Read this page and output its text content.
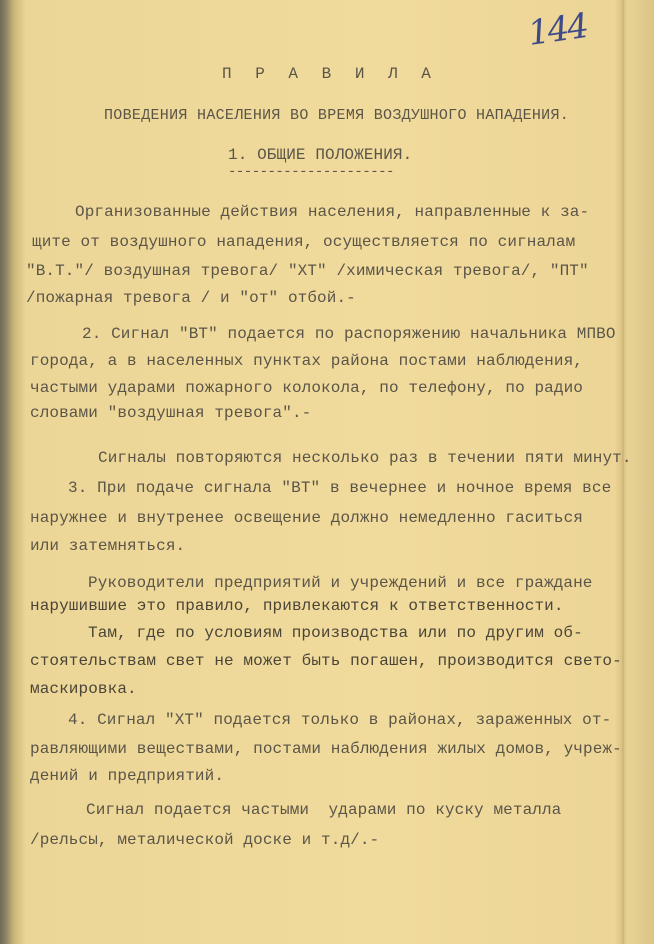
144
П Р А В И Л А
ПОВЕДЕНИЯ НАСЕЛЕНИЯ ВО ВРЕМЯ ВОЗДУШНОГО НАПАДЕНИЯ.
1. ОБЩИЕ ПОЛОЖЕНИЯ.
---------------------
Организованные действия населения, направленные к за-
щите от воздушного нападения, осуществляется по сигналам
"В.Т."/ воздушная тревога/ "ХТ" /химическая тревога/, "ПТ"
/пожарная тревога / и "от" отбой.-
2. Сигнал "ВТ" подается по распоряжению начальника МПВО
города, а в населенных пунктах района постами наблюдения,
частыми ударами пожарного колокола, по телефону, по радио
словами "воздушная тревога".-
Сигналы повторяются несколько раз в течении пяти минут.
3. При подаче сигнала "ВТ" в вечернее и ночное время все
наружнее и внутренее освещение должно немедленно гаситься
или затемняться.
Руководители предприятий и учреждений и все граждане
нарушившие это правило, привлекаются к ответственности.
Там, где по условиям производства или по другим об-
стоятельствам свет не может быть погашен, производится свето-
маскировка.
4. Сигнал "ХТ" подается только в районах, зараженных от-
равляющими веществами, постами наблюдения жилых домов, учреж-
дений и предприятий.
Сигнал подается частыми  ударами по куску металла
/рельсы, металической доске и т.д/.-
